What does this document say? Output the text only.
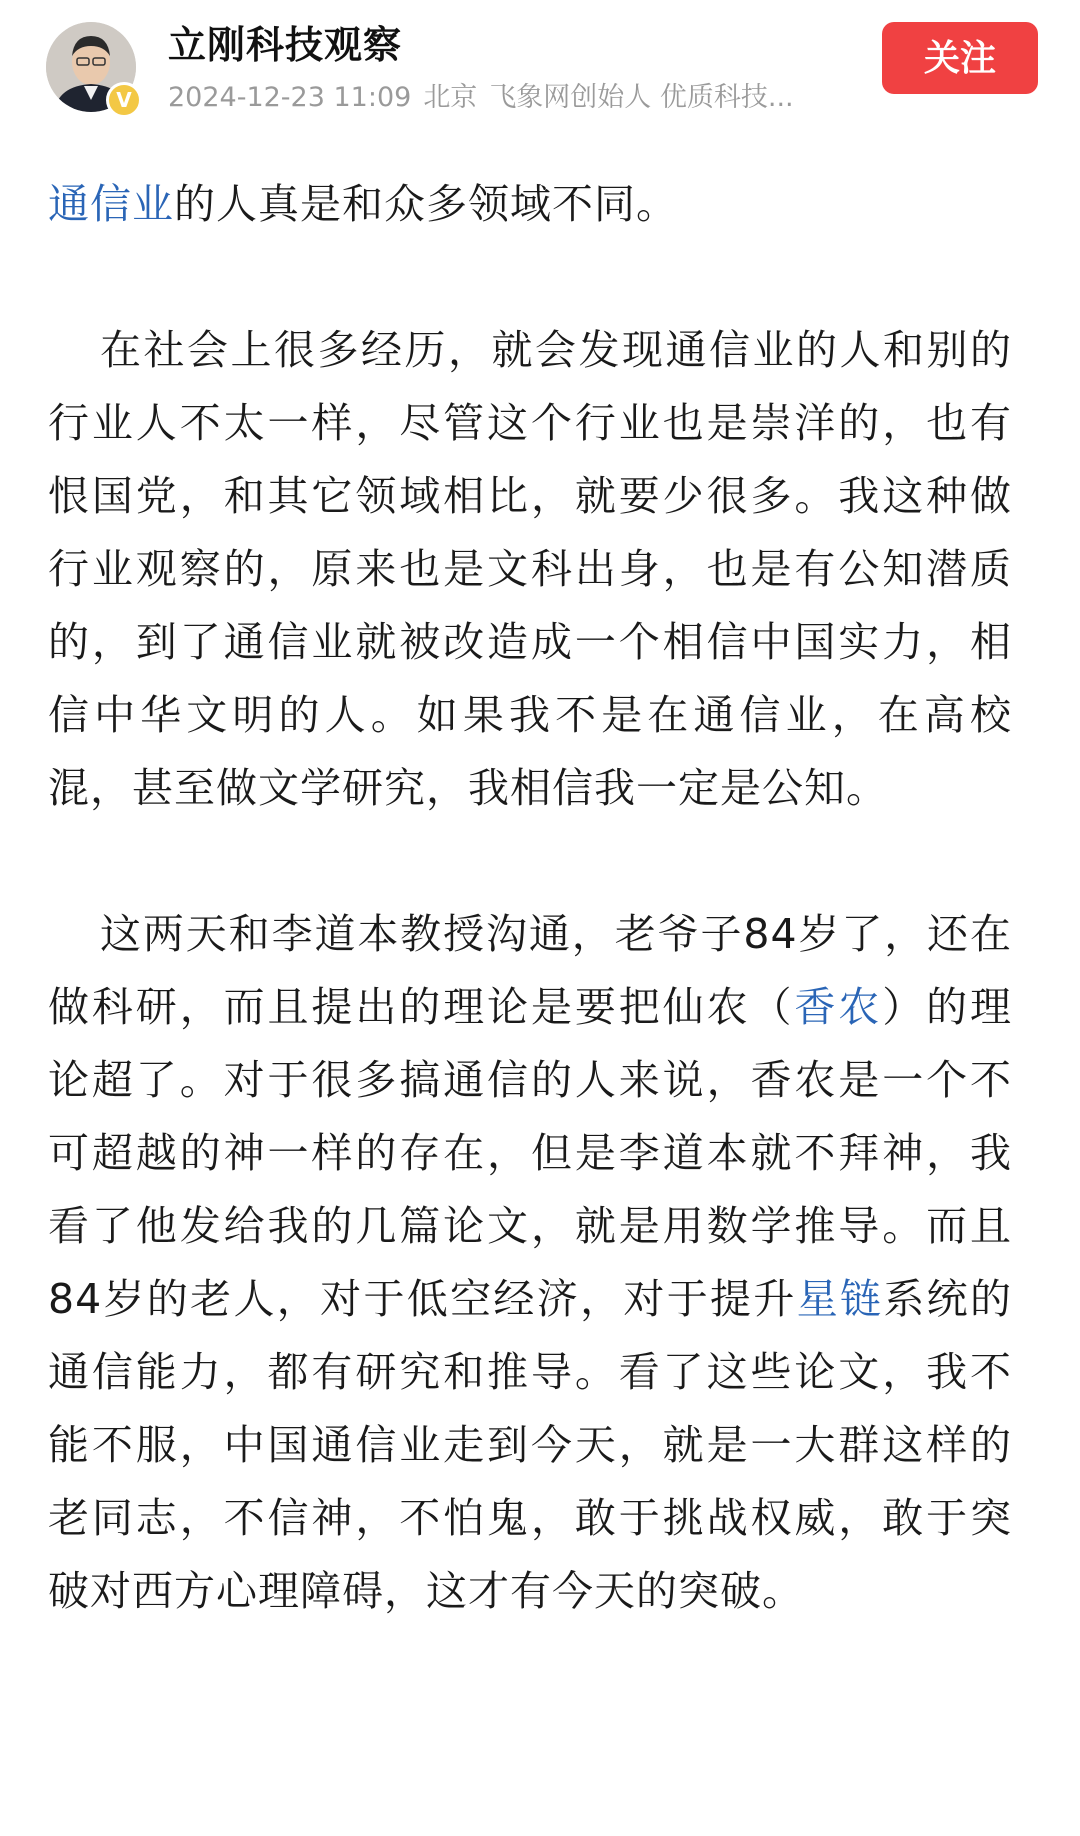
V
立刚科技观察
2024-12-23 11:09 北京 飞象网创始人 优质科技...
关注

通信业的人真是和众多领域不同。

在社会上很多经历，就会发现通信业的人和别的行业人不太一样，尽管这个行业也是崇洋的，也有恨国党，和其它领域相比，就要少很多。我这种做行业观察的，原来也是文科出身，也是有公知潜质的，到了通信业就被改造成一个相信中国实力，相信中华文明的人。如果我不是在通信业，在高校混，甚至做文学研究，我相信我一定是公知。

这两天和李道本教授沟通，老爷子84岁了，还在做科研，而且提出的理论是要把仙农（香农）的理论超了。对于很多搞通信的人来说，香农是一个不可超越的神一样的存在，但是李道本就不拜神，我看了他发给我的几篇论文，就是用数学推导。而且84岁的老人，对于低空经济，对于提升星链系统的通信能力，都有研究和推导。看了这些论文，我不能不服，中国通信业走到今天，就是一大群这样的老同志，不信神，不怕鬼，敢于挑战权威，敢于突破对西方心理障碍，这才有今天的突破。
